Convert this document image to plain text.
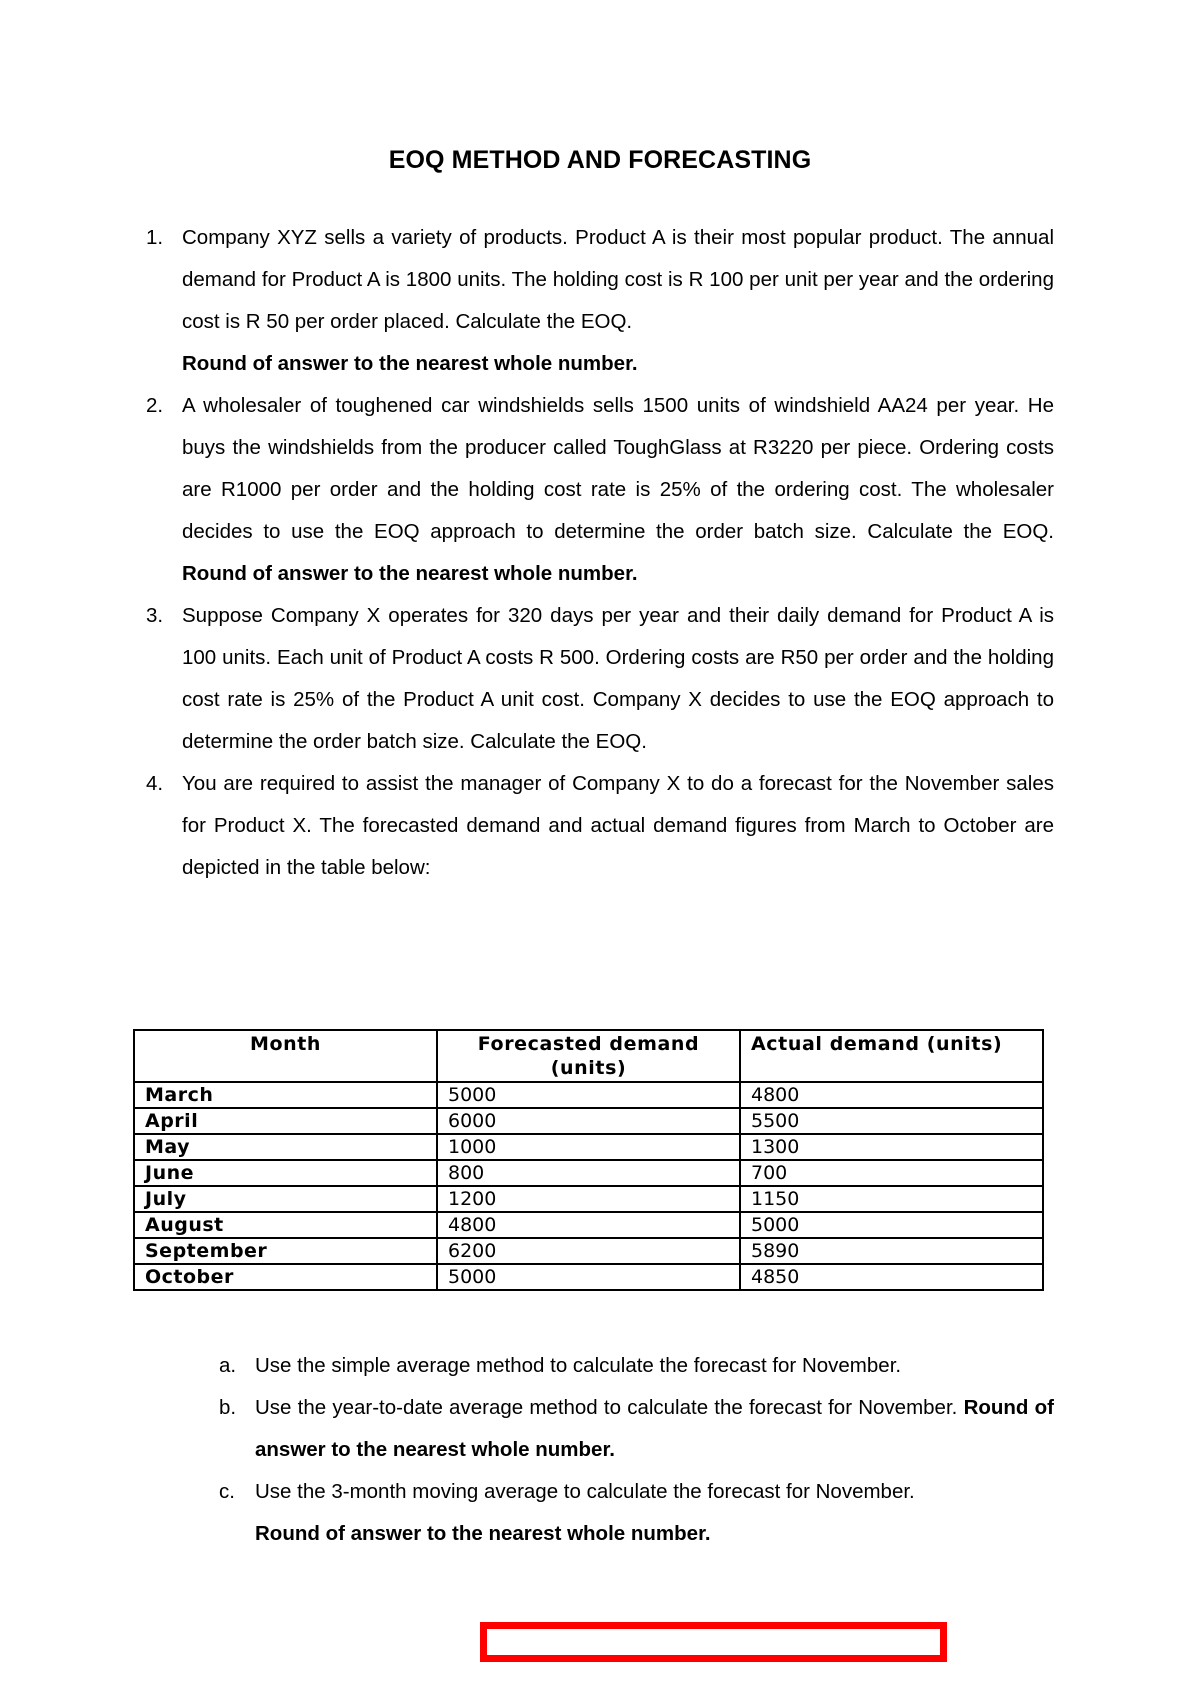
EOQ METHOD AND FORECASTING
1. Company XYZ sells a variety of products. Product A is their most popular product. The annual demand for Product A is 1800 units. The holding cost is R 100 per unit per year and the ordering cost is R 50 per order placed. Calculate the EOQ.
Round of answer to the nearest whole number.
2. A wholesaler of toughened car windshields sells 1500 units of windshield AA24 per year. He buys the windshields from the producer called ToughGlass at R3220 per piece. Ordering costs are R1000 per order and the holding cost rate is 25% of the ordering cost. The wholesaler decides to use the EOQ approach to determine the order batch size. Calculate the EOQ. Round of answer to the nearest whole number.
3. Suppose Company X operates for 320 days per year and their daily demand for Product A is 100 units. Each unit of Product A costs R 500. Ordering costs are R50 per order and the holding cost rate is 25% of the Product A unit cost. Company X decides to use the EOQ approach to determine the order batch size. Calculate the EOQ.
4. You are required to assist the manager of Company X to do a forecast for the November sales for Product X. The forecasted demand and actual demand figures from March to October are depicted in the table below:
Month	Forecasted demand (units)	Actual demand (units)
March	5000	4800
April	6000	5500
May	1000	1300
June	800	700
July	1200	1150
August	4800	5000
September	6200	5890
October	5000	4850
a. Use the simple average method to calculate the forecast for November.
b. Use the year-to-date average method to calculate the forecast for November. Round of answer to the nearest whole number.
c. Use the 3-month moving average to calculate the forecast for November.
Round of answer to the nearest whole number.
